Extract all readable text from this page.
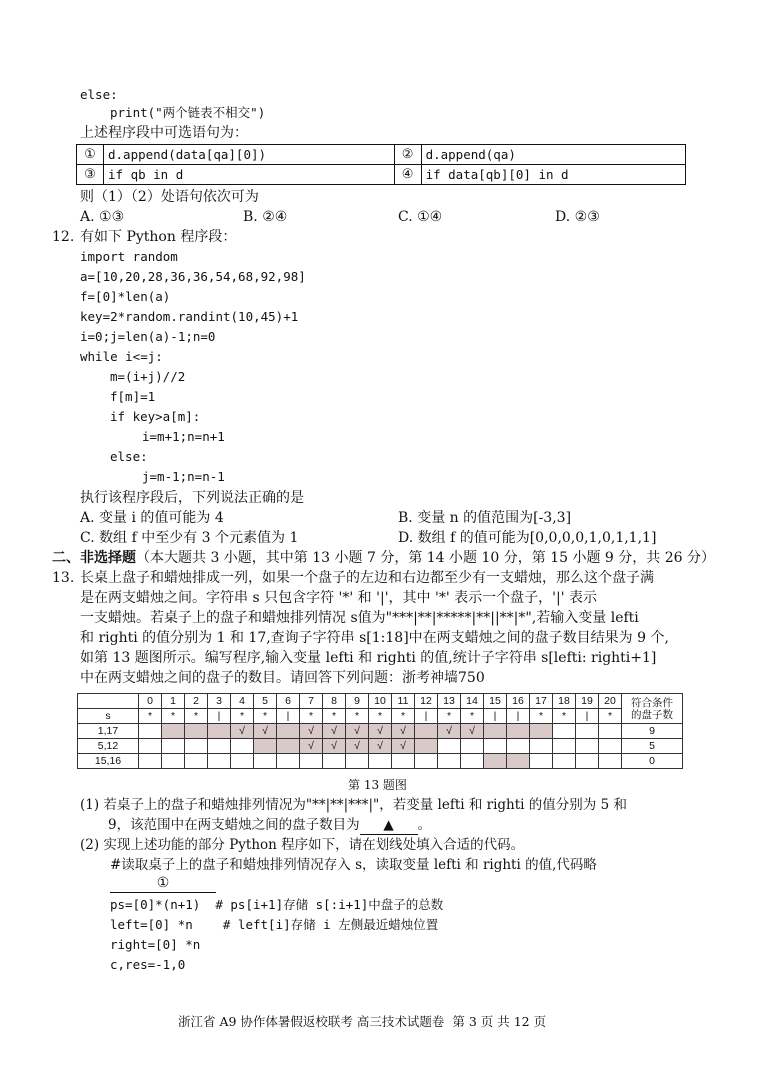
else:
print("两个链表不相交")
上述程序段中可选语句为：
①	d.append(data[qa][0])	②	d.append(qa)
③	if qb in d	④	if data[qb][0] in d
则（1）（2）处语句依次可为
A. ①③	B. ②④	C. ①④	D. ②③
12. 有如下 Python 程序段：
import random
a=[10,20,28,36,36,54,68,92,98]
f=[0]*len(a)
key=2*random.randint(10,45)+1
i=0;j=len(a)-1;n=0
while i<=j:
m=(i+j)//2
f[m]=1
if key>a[m]:
i=m+1;n=n+1
else:
j=m-1;n=n-1
执行该程序段后，下列说法正确的是
A. 变量 i 的值可能为 4	B. 变量 n 的值范围为[-3,3]
C. 数组 f 中至少有 3 个元素值为 1	D. 数组 f 的值可能为[0,0,0,0,1,0,1,1,1]
二、非选择题（本大题共 3 小题，其中第 13 小题 7 分，第 14 小题 10 分，第 15 小题 9 分，共 26 分）
13. 长桌上盘子和蜡烛排成一列，如果一个盘子的左边和右边都至少有一支蜡烛，那么这个盘子满
是在两支蜡烛之间。字符串 s 只包含字符 '*' 和 '|'，其中 '*' 表示一个盘子，'|' 表示
一支蜡烛。若桌子上的盘子和蜡烛排列情况 s值为"***|**|*****|**||**|*",若输入变量 lefti
和 righti 的值分别为 1 和 17,查询子字符串 s[1:18]中在两支蜡烛之间的盘子数目结果为 9 个,
如第 13 题图所示。编写程序,输入变量 lefti 和 righti 的值,统计子字符串 s[lefti: righti+1]
中在两支蜡烛之间的盘子的数目。请回答下列问题：浙考神墙750
	0	1	2	3	4	5	6	7	8	9	10	11	12	13	14	15	16	17	18	19	20	符合条件
的盘子数

s	*	*	*	|	*	*	|	*	*	*	*	*	|	*	*	|	|	*	*	|	*	
1,17					√	√		√	√	√	√	√		√	√							9
5,12								√	√	√	√	√										5
15,16																						0
第 13 题图
(1) 若桌子上的盘子和蜡烛排列情况为"**|**|***|"，若变量 lefti 和 righti 的值分别为 5 和
9，该范围中在两支蜡烛之间的盘子数目为 ▲ 。
(2) 实现上述功能的部分 Python 程序如下，请在划线处填入合适的代码。
#读取桌子上的盘子和蜡烛排列情况存入 s，读取变量 lefti 和 righti 的值,代码略
①
ps=[0]*(n+1)  # ps[i+1]存储 s[:i+1]中盘子的总数
left=[0] *n    # left[i]存储 i 左侧最近蜡烛位置
right=[0] *n
c,res=-1,0
浙江省 A9 协作体暑假返校联考 高三技术试题卷  第 3 页 共 12 页
